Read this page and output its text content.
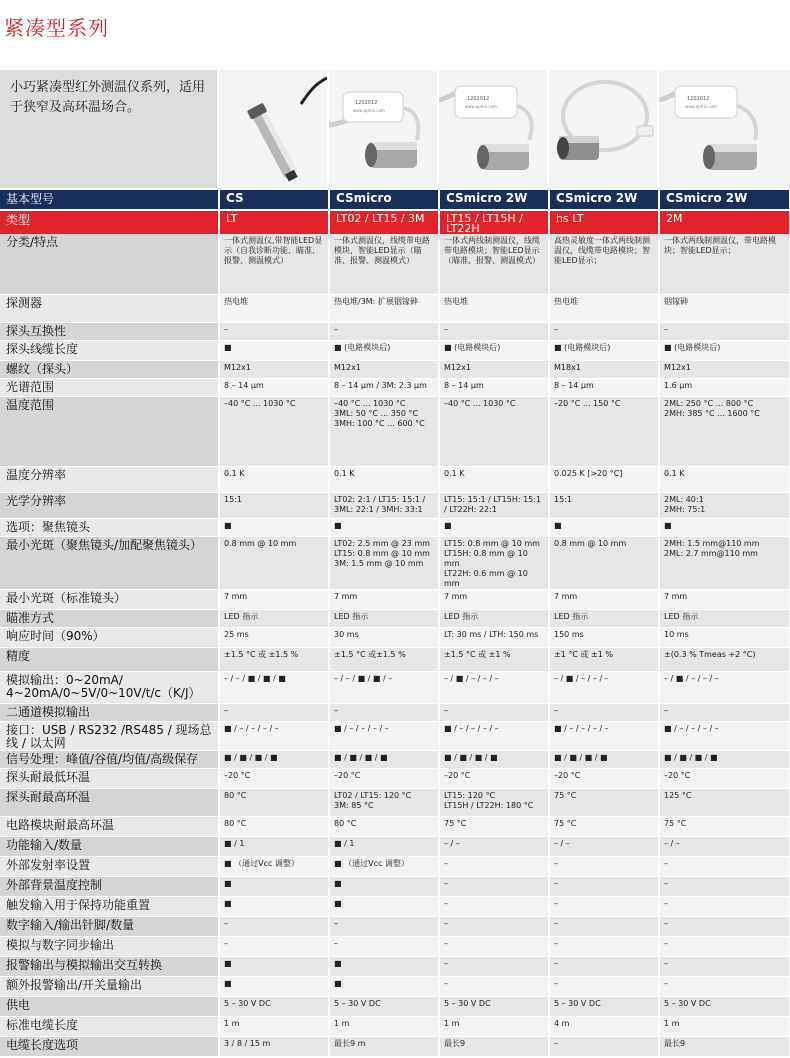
紧凑型系列
小巧紧凑型红外测温仪系列，适用于狭窄及高环温场合。	1202012
www.optris.com
1202012
www.optris.com
1202012
www.optris.com
基本型号	CS	CSmicro	CSmicro 2W	CSmicro 2W	CSmicro 2W
类型	LT	LT02 / LT15 / 3M	LT15 / LT15H / LT22H	hs LT	2M
分类/特点	一体式测温仪,带智能LED显示（自我诊断功能、瞄准、报警、测温模式）	一体式测温仪，线缆带电路模块，智能LED显示（瞄准、报警、测温模式）	一体式两线制测温仪，线缆带电路模块；智能LED显示（瞄准、报警、测温模式）	高热灵敏度一体式两线制测温仪，线缆带电路模块；智能LED显示；	一体式两线制测温仪，带电路模块；智能LED显示；
探测器	热电堆	热电堆/3M: 扩展铟镓砷	热电堆	热电堆	铟镓砷
探头互换性	–	–	–	–	–
探头线缆长度	■	■ (电路模块后)	■ (电路模块后)	■ (电路模块后)	■ (电路模块后)
螺纹（探头）	M12x1	M12x1	M12x1	M18x1	M12x1
光谱范围	8 – 14 µm	8 – 14 µm / 3M: 2.3 µm	8 – 14 µm	8 – 14 µm	1.6 µm
温度范围	–40 °C ... 1030 °C	–40 °C ... 1030 °C
3ML: 50 °C ... 350 °C
3MH: 100 °C ... 600 °C	–40 °C ... 1030 °C	–20 °C ... 150 °C	2ML: 250 °C ... 800 °C
2MH: 385 °C ... 1600 °C
温度分辨率	0.1 K	0.1 K	0.1 K	0.025 K [>20 °C]	0.1 K
光学分辨率	15:1	LT02: 2:1 / LT15: 15:1 / 3ML: 22:1 / 3MH: 33:1	LT15: 15:1 / LT15H: 15:1 / LT22H: 22:1	15:1	2ML: 40:1
2MH: 75:1
选项：聚焦镜头	■	■	■	■	■
最小光斑（聚焦镜头/加配聚焦镜头）	0.8 mm @ 10 mm	LT02: 2.5 mm @ 23 mm
LT15: 0.8 mm @ 10 mm
3M: 1.5 mm @ 10 mm	LT15: 0.8 mm @ 10 mm
LT15H: 0.8 mm @ 10 mm
LT22H: 0.6 mm @ 10 mm	0.8 mm @ 10 mm	2MH: 1.5 mm@110 mm
2ML: 2.7 mm@110 mm
最小光斑（标准镜头）	7 mm	7 mm	7 mm	7 mm	7 mm
瞄准方式	LED 指示	LED 指示	LED 指示	LED 指示	LED 指示
响应时间（90%）	25 ms	30 ms	LT: 30 ms / LTH: 150 ms	150 ms	10 ms
精度	±1.5 °C 或 ±1.5 %	±1.5 °C 或±1.5 %	±1.5 °C 或 ±1 %	±1 °C 或 ±1 %	±(0.3 % Tmeas +2 °C)
模拟输出：0~20mA/
4~20mA/0~5V/0~10V/t/c（K/J）	– / – / ■ / ■ / ■	– / – / ■ / ■ / –	– / ■ / – / – / –	– / ■ / – / – / –	– / ■ / – / – / –
二通道模拟输出	–	–	–	–	–
接口：USB / RS232 /RS485 / 现场总线 / 以太网	■ / – / – / – / –	■ / – / – / – / –	■ / – / – / – / –	■ / – / – / – / –	■ / – / – / – / –
信号处理：峰值/谷值/均值/高级保存	■ / ■ / ■ / ■	■ / ■ / ■ / ■	■ / ■ / ■ / ■	■ / ■ / ■ / ■	■ / ■ / ■ / ■
探头耐最低环温	–20 °C	–20 °C	–20 °C	–20 °C	–20 °C
探头耐最高环温	80 °C	LT02 / LT15: 120 °C
3M: 85 °C	LT15: 120 °C
LT15H / LT22H: 180 °C	75 °C	125 °C
电路模块耐最高环温	80 °C	80 °C	75 °C	75 °C	75 °C
功能输入/数量	■ / 1	■ / 1	– / –	– / –	– / –
外部发射率设置	■ （通过Vcc 调整）	■ （通过Vcc 调整）	–	–	–
外部背景温度控制	■	■	–	–	–
触发输入用于保持功能重置	■	■	–	–	–
数字输入/输出针脚/数量	–	–	–	–	–
模拟与数字同步输出	–	–	–	–	–
报警输出与模拟输出交互转换	■	■	–	–	–
额外报警输出/开关量输出	■	■	–	–	–
供电	5 – 30 V DC	5 – 30 V DC	5 – 30 V DC	5 – 30 V DC	5 – 30 V DC
标准电缆长度	1 m	1 m	1 m	4 m	1 m
电缆长度选项	3 / 8 / 15 m	最长9 m	最长9	–	最长9
